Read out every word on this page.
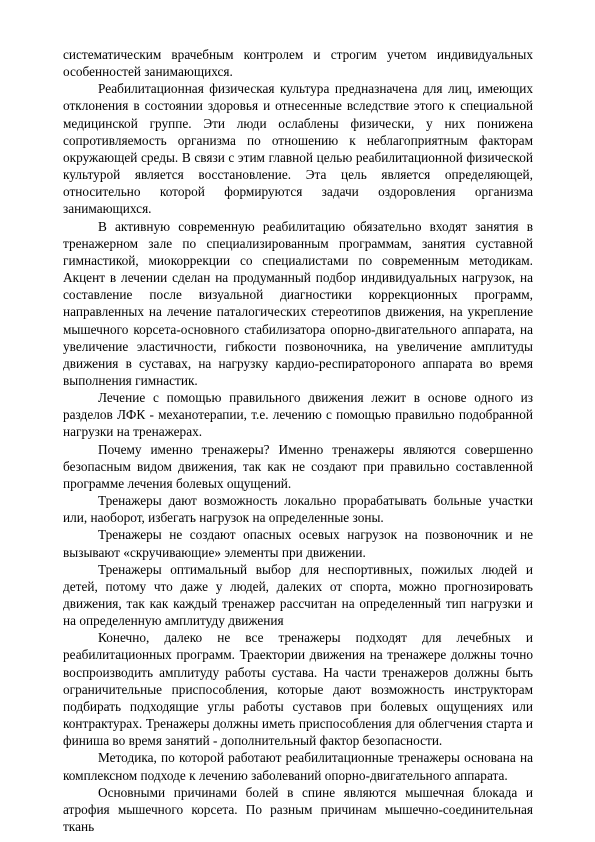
систематическим врачебным контролем и строгим учетом индивидуальных особенностей занимающихся.

Реабилитационная физическая культура предназначена для лиц, имеющих отклонения в состоянии здоровья и отнесенные вследствие этого к специальной медицинской группе. Эти люди ослаблены физически, у них понижена сопротивляемость организма по отношению к неблагоприятным факторам окружающей среды. В связи с этим главной целью реабилитационной физической культурой является восстановление. Эта цель является определяющей, относительно которой формируются задачи оздоровления организма занимающихся.

В активную современную реабилитацию обязательно входят занятия в тренажерном зале по специализированным программам, занятия суставной гимнастикой, миокоррекции со специалистами по современным методикам. Акцент в лечении сделан на продуманный подбор индивидуальных нагрузок, на составление после визуальной диагностики коррекционных программ, направленных на лечение паталогических стереотипов движения, на укрепление мышечного корсета-основного стабилизатора опорно-двигательного аппарата, на увеличение эластичности, гибкости позвоночника, на увеличение амплитуды движения в суставах, на нагрузку кардио-респиратороного аппарата во время выполнения гимнастик.

Лечение с помощью правильного движения лежит в основе одного из разделов ЛФК - механотерапии, т.е. лечению с помощью правильно подобранной нагрузки на тренажерах.

Почему именно тренажеры? Именно тренажеры являются совершенно безопасным видом движения, так как не создают при правильно составленной программе лечения болевых ощущений.

Тренажеры дают возможность локально прорабатывать больные участки или, наоборот, избегать нагрузок на определенные зоны.

Тренажеры не создают опасных осевых нагрузок на позвоночник и не вызывают «скручивающие» элементы при движении.

Тренажеры оптимальный выбор для неспортивных, пожилых людей и детей, потому что даже у людей, далеких от спорта, можно прогнозировать движения, так как каждый тренажер рассчитан на определенный тип нагрузки и на определенную амплитуду движения

Конечно, далеко не все тренажеры подходят для лечебных и реабилитационных программ. Траектории движения на тренажере должны точно воспроизводить амплитуду работы сустава. На части тренажеров должны быть ограничительные приспособления, которые дают возможность инструкторам подбирать подходящие углы работы суставов при болевых ощущениях или контрактурах. Тренажеры должны иметь приспособления для облегчения старта и финиша во время занятий - дополнительный фактор безопасности.

Методика, по которой работают реабилитационные тренажеры основана на комплексном подходе к лечению заболеваний опорно-двигательного аппарата.

Основными причинами болей в спине являются мышечная блокада и атрофия мышечного корсета. По разным причинам мышечно-соединительная ткань
